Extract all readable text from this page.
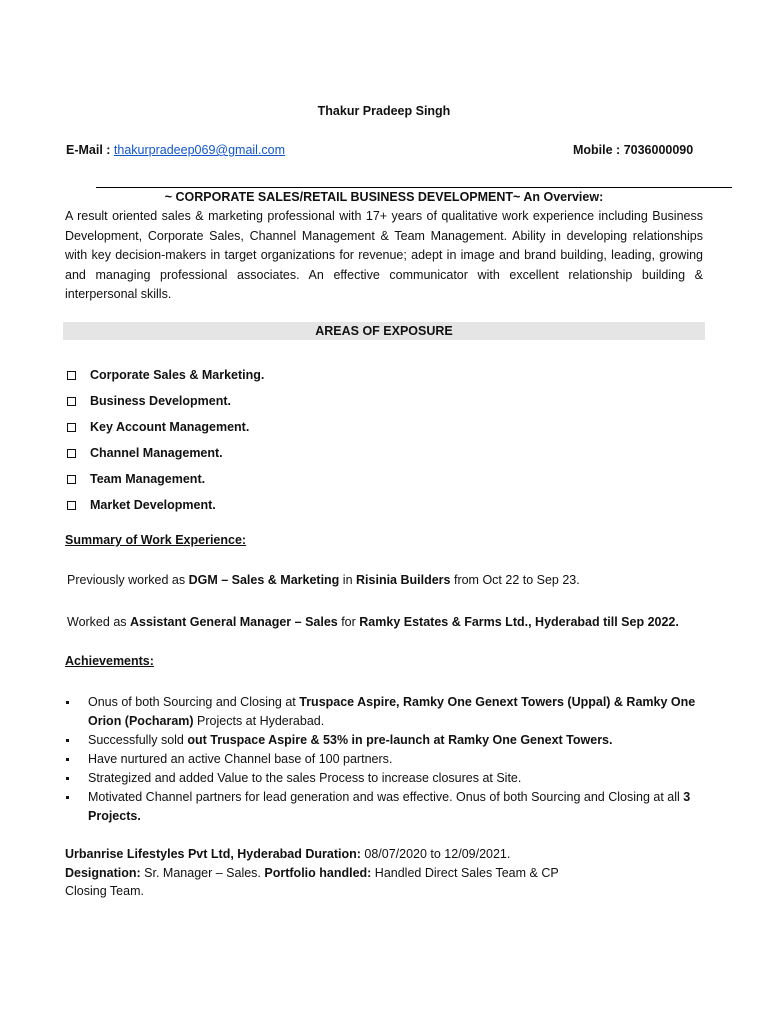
Thakur Pradeep Singh
E-Mail : thakurpradeep069@gmail.com	Mobile : 7036000090
~ CORPORATE SALES/RETAIL BUSINESS DEVELOPMENT~ An Overview:
A result oriented sales & marketing professional with 17+ years of qualitative work experience including Business Development, Corporate Sales, Channel Management & Team Management. Ability in developing relationships with key decision-makers in target organizations for revenue; adept in image and brand building, leading, growing and managing professional associates. An effective communicator with excellent relationship building & interpersonal skills.
AREAS OF EXPOSURE
Corporate Sales & Marketing.
Business Development.
Key Account Management.
Channel Management.
Team Management.
Market Development.
Summary of Work Experience:
Previously worked as DGM – Sales & Marketing in Risinia Builders from Oct 22 to Sep 23.
Worked as Assistant General Manager – Sales for Ramky Estates & Farms Ltd., Hyderabad till Sep 2022.
Achievements:
Onus of both Sourcing and Closing at Truspace Aspire, Ramky One Genext Towers (Uppal) & Ramky One Orion (Pocharam) Projects at Hyderabad.
Successfully sold out Truspace Aspire & 53% in pre-launch at Ramky One Genext Towers.
Have nurtured an active Channel base of 100 partners.
Strategized and added Value to the sales Process to increase closures at Site.
Motivated Channel partners for lead generation and was effective. Onus of both Sourcing and Closing at all 3 Projects.
Urbanrise Lifestyles Pvt Ltd, Hyderabad Duration: 08/07/2020 to 12/09/2021.
Designation: Sr. Manager – Sales. Portfolio handled: Handled Direct Sales Team & CP
Closing Team.
